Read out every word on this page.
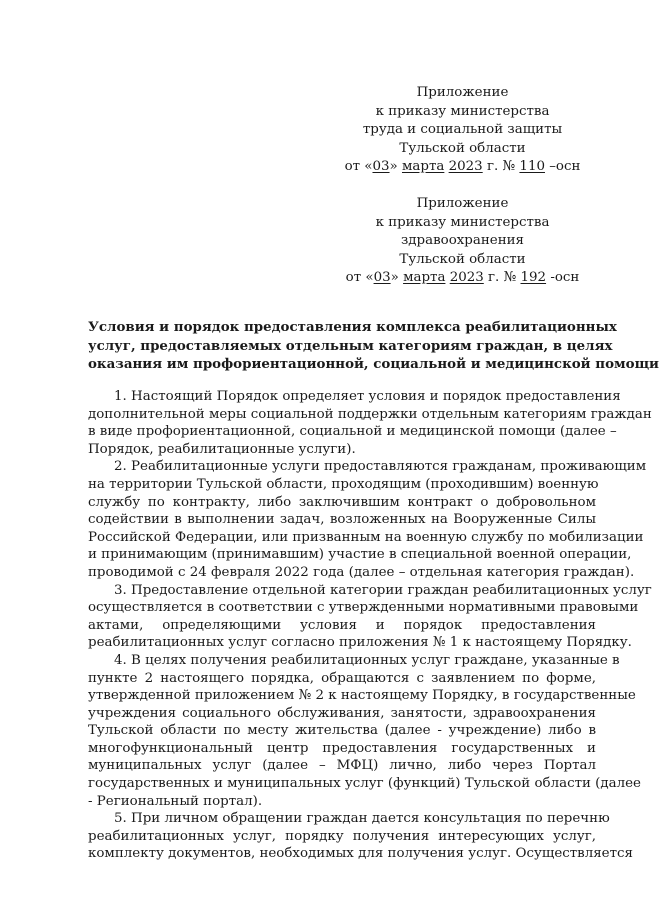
Приложение
к приказу министерства
труда и социальной защиты
Тульской области
от «03» марта 2023 г. № 110 –осн
Приложение
к приказу министерства
здравоохранения
Тульской области
от «03» марта 2023 г. № 192 -осн
Условия и порядок предоставления комплекса реабилитационных
услуг, предоставляемых отдельным категориям граждан, в целях
оказания им профориентационной, социальной и медицинской помощи
1. Настоящий Порядок определяет условия и порядок предоставления
дополнительной меры социальной поддержки отдельным категориям граждан
в виде профориентационной, социальной и медицинской помощи (далее –
Порядок, реабилитационные услуги).
2. Реабилитационные услуги предоставляются гражданам, проживающим
на территории Тульской области, проходящим (проходившим) военную
службу по контракту, либо заключившим контракт о добровольном
содействии в выполнении задач, возложенных на Вооруженные Силы
Российской Федерации, или призванным на военную службу по мобилизации
и принимающим (принимавшим) участие в специальной военной операции,
проводимой с 24 февраля 2022 года (далее – отдельная категория граждан).
3. Предоставление отдельной категории граждан реабилитационных услуг
осуществляется в соответствии с утвержденными нормативными правовыми
актами, определяющими условия и порядок предоставления
реабилитационных услуг согласно приложения № 1 к настоящему Порядку.
4. В целях получения реабилитационных услуг граждане, указанные в
пункте 2 настоящего порядка, обращаются с заявлением по форме,
утвержденной приложением № 2 к настоящему Порядку, в государственные
учреждения социального обслуживания, занятости, здравоохранения
Тульской области по месту жительства (далее - учреждение) либо в
многофункциональный центр предоставления государственных и
муниципальных услуг (далее – МФЦ) лично, либо через Портал
государственных и муниципальных услуг (функций) Тульской области (далее
- Региональный портал).
5. При личном обращении граждан дается консультация по перечню
реабилитационных услуг, порядку получения интересующих услуг,
комплекту документов, необходимых для получения услуг. Осуществляется
